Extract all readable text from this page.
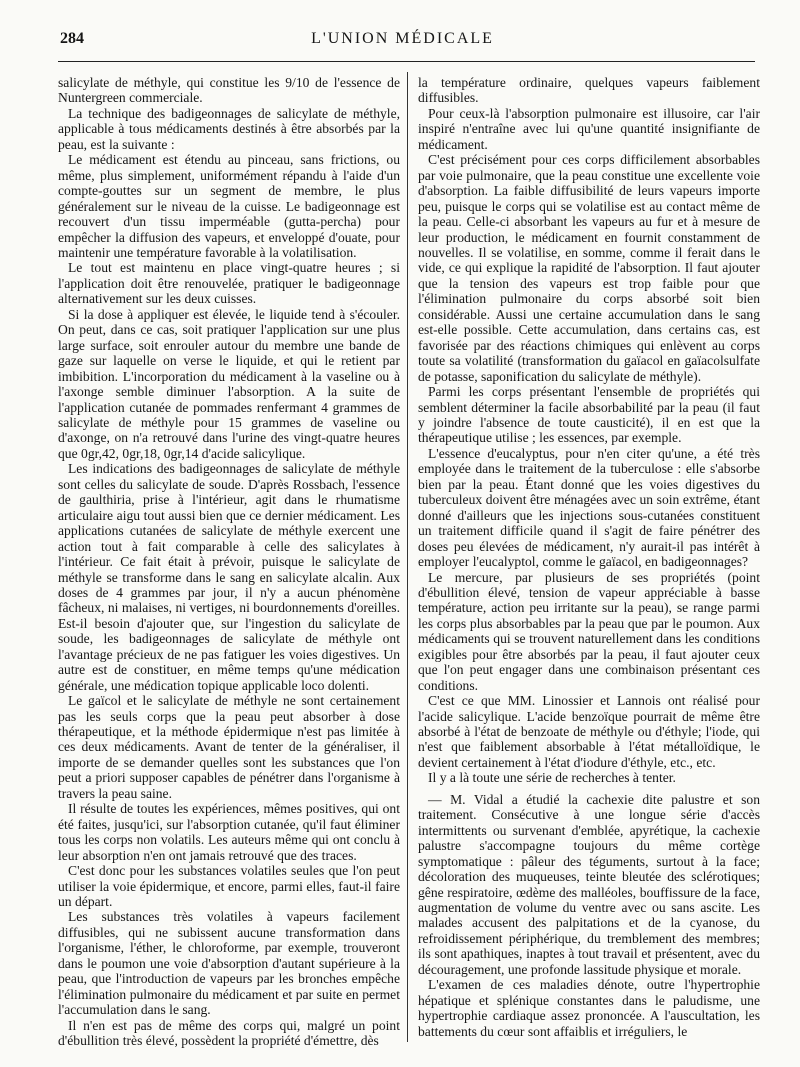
284	L'UNION MÉDICALE

salicylate de méthyle, qui constitue les 9/10 de l'essence de Nuntergreen commerciale.

La technique des badigeonnages de salicylate de méthyle, applicable à tous médicaments destinés à être absorbés par la peau, est la suivante :

Le médicament est étendu au pinceau, sans frictions, ou même, plus simplement, uniformément répandu à l'aide d'un compte-gouttes sur un segment de membre, le plus généralement sur le niveau de la cuisse. Le badigeonnage est recouvert d'un tissu imperméable (gutta-percha) pour empêcher la diffusion des vapeurs, et enveloppé d'ouate, pour maintenir une température favorable à la volatilisation.

Le tout est maintenu en place vingt-quatre heures ; si l'application doit être renouvelée, pratiquer le badigeonnage alternativement sur les deux cuisses.

Si la dose à appliquer est élevée, le liquide tend à s'écouler. On peut, dans ce cas, soit pratiquer l'application sur une plus large surface, soit enrouler autour du membre une bande de gaze sur laquelle on verse le liquide, et qui le retient par imbibition. L'incorporation du médicament à la vaseline ou à l'axonge semble diminuer l'absorption. A la suite de l'application cutanée de pommades renfermant 4 grammes de salicylate de méthyle pour 15 grammes de vaseline ou d'axonge, on n'a retrouvé dans l'urine des vingt-quatre heures que 0gr,42, 0gr,18, 0gr,14 d'acide salicylique.

Les indications des badigeonnages de salicylate de méthyle sont celles du salicylate de soude. D'après Rossbach, l'essence de gaulthiria, prise à l'intérieur, agit dans le rhumatisme articulaire aigu tout aussi bien que ce dernier médicament. Les applications cutanées de salicylate de méthyle exercent une action tout à fait comparable à celle des salicylates à l'intérieur. Ce fait était à prévoir, puisque le salicylate de méthyle se transforme dans le sang en salicylate alcalin. Aux doses de 4 grammes par jour, il n'y a aucun phénomène fâcheux, ni malaises, ni vertiges, ni bourdonnements d'oreilles. Est-il besoin d'ajouter que, sur l'ingestion du salicylate de soude, les badigeonnages de salicylate de méthyle ont l'avantage précieux de ne pas fatiguer les voies digestives. Un autre est de constituer, en même temps qu'une médication générale, une médication topique applicable loco dolenti.

Le gaïcol et le salicylate de méthyle ne sont certainement pas les seuls corps que la peau peut absorber à dose thérapeutique, et la méthode épidermique n'est pas limitée à ces deux médicaments. Avant de tenter de la généraliser, il importe de se demander quelles sont les substances que l'on peut a priori supposer capables de pénétrer dans l'organisme à travers la peau saine.

Il résulte de toutes les expériences, mêmes positives, qui ont été faites, jusqu'ici, sur l'absorption cutanée, qu'il faut éliminer tous les corps non volatils. Les auteurs même qui ont conclu à leur absorption n'en ont jamais retrouvé que des traces.

C'est donc pour les substances volatiles seules que l'on peut utiliser la voie épidermique, et encore, parmi elles, faut-il faire un départ.

Les substances très volatiles à vapeurs facilement diffusibles, qui ne subissent aucune transformation dans l'organisme, l'éther, le chloroforme, par exemple, trouveront dans le poumon une voie d'absorption d'autant supérieure à la peau, que l'introduction de vapeurs par les bronches empêche l'élimination pulmonaire du médicament et par suite en permet l'accumulation dans le sang.

Il n'en est pas de même des corps qui, malgré un point d'ébullition très élevé, possèdent la propriété d'émettre, dès

la température ordinaire, quelques vapeurs faiblement diffusibles.

Pour ceux-là l'absorption pulmonaire est illusoire, car l'air inspiré n'entraîne avec lui qu'une quantité insignifiante de médicament.

C'est précisément pour ces corps difficilement absorbables par voie pulmonaire, que la peau constitue une excellente voie d'absorption. La faible diffusibilité de leurs vapeurs importe peu, puisque le corps qui se volatilise est au contact même de la peau. Celle-ci absorbant les vapeurs au fur et à mesure de leur production, le médicament en fournit constamment de nouvelles. Il se volatilise, en somme, comme il ferait dans le vide, ce qui explique la rapidité de l'absorption. Il faut ajouter que la tension des vapeurs est trop faible pour que l'élimination pulmonaire du corps absorbé soit bien considérable. Aussi une certaine accumulation dans le sang est-elle possible. Cette accumulation, dans certains cas, est favorisée par des réactions chimiques qui enlèvent au corps toute sa volatilité (transformation du gaïacol en gaïacolsulfate de potasse, saponification du salicylate de méthyle).

Parmi les corps présentant l'ensemble de propriétés qui semblent déterminer la facile absorbabilité par la peau (il faut y joindre l'absence de toute causticité), il en est que la thérapeutique utilise ; les essences, par exemple.

L'essence d'eucalyptus, pour n'en citer qu'une, a été très employée dans le traitement de la tuberculose : elle s'absorbe bien par la peau. Étant donné que les voies digestives du tuberculeux doivent être ménagées avec un soin extrême, étant donné d'ailleurs que les injections sous-cutanées constituent un traitement difficile quand il s'agit de faire pénétrer des doses peu élevées de médicament, n'y aurait-il pas intérêt à employer l'eucalyptol, comme le gaïacol, en badigeonnages?

Le mercure, par plusieurs de ses propriétés (point d'ébullition élevé, tension de vapeur appréciable à basse température, action peu irritante sur la peau), se range parmi les corps plus absorbables par la peau que par le poumon. Aux médicaments qui se trouvent naturellement dans les conditions exigibles pour être absorbés par la peau, il faut ajouter ceux que l'on peut engager dans une combinaison présentant ces conditions.

C'est ce que MM. Linossier et Lannois ont réalisé pour l'acide salicylique. L'acide benzoïque pourrait de même être absorbé à l'état de benzoate de méthyle ou d'éthyle; l'iode, qui n'est que faiblement absorbable à l'état métalloïdique, le devient certainement à l'état d'iodure d'éthyle, etc., etc.

Il y a là toute une série de recherches à tenter.

— M. Vidal a étudié la cachexie dite palustre et son traitement. Consécutive à une longue série d'accès intermittents ou survenant d'emblée, apyrétique, la cachexie palustre s'accompagne toujours du même cortège symptomatique : pâleur des téguments, surtout à la face; décoloration des muqueuses, teinte bleutée des sclérotiques; gêne respiratoire, œdème des malléoles, bouffissure de la face, augmentation de volume du ventre avec ou sans ascite. Les malades accusent des palpitations et de la cyanose, du refroidissement périphérique, du tremblement des membres; ils sont apathiques, inaptes à tout travail et présentent, avec du découragement, une profonde lassitude physique et morale.

L'examen de ces maladies dénote, outre l'hypertrophie hépatique et splénique constantes dans le paludisme, une hypertrophie cardiaque assez prononcée. A l'auscultation, les battements du cœur sont affaiblis et irréguliers, le
